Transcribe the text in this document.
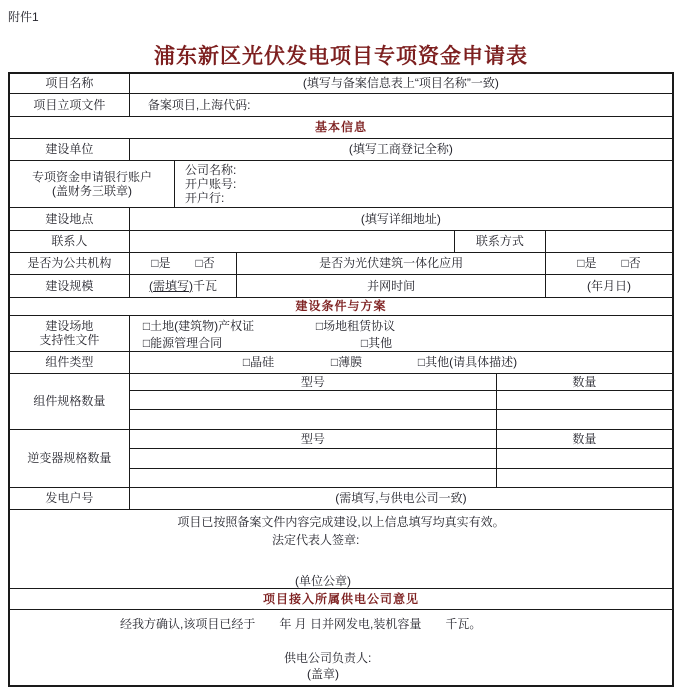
附件1
浦东新区光伏发电项目专项资金申请表
项目名称	(填写与备案信息表上“项目名称”一致)					
项目立项文件	备案项目,上海代码:					
基本信息						
建设单位	(填写工商登记全称)					

专项资金申请银行账户
(盖财务三联章)

公司名称:
开户账号:
开户行:

建设地点	(填写详细地址)					
联系人				联系方式		
是否为公共机构	□是 □否		是否为光伏建筑一体化应用			□是 □否

建设规模	(需填写)千瓦		并网时间			(年月日)
建设条件与方案						

建设场地
支持性文件

□土地(建筑物)产权证	□场地租赁协议
□能源管理合同	□其他

组件类型	□晶硅 □薄膜 □其他(请具体描述)					

组件规格数量	型号				数量	

逆变器规格数量	型号				数量	

发电户号	(需填写,与供电公司一致)					

项目已按照备案文件内容完成建设,以上信息填写均真实有效。
法定代表人签章:
(单位公章)						

项目接入所属供电公司意见						

经我方确认,该项目已经于　　年 月 日并网发电,装机容量　　千瓦。
供电公司负责人:
(盖章)						
